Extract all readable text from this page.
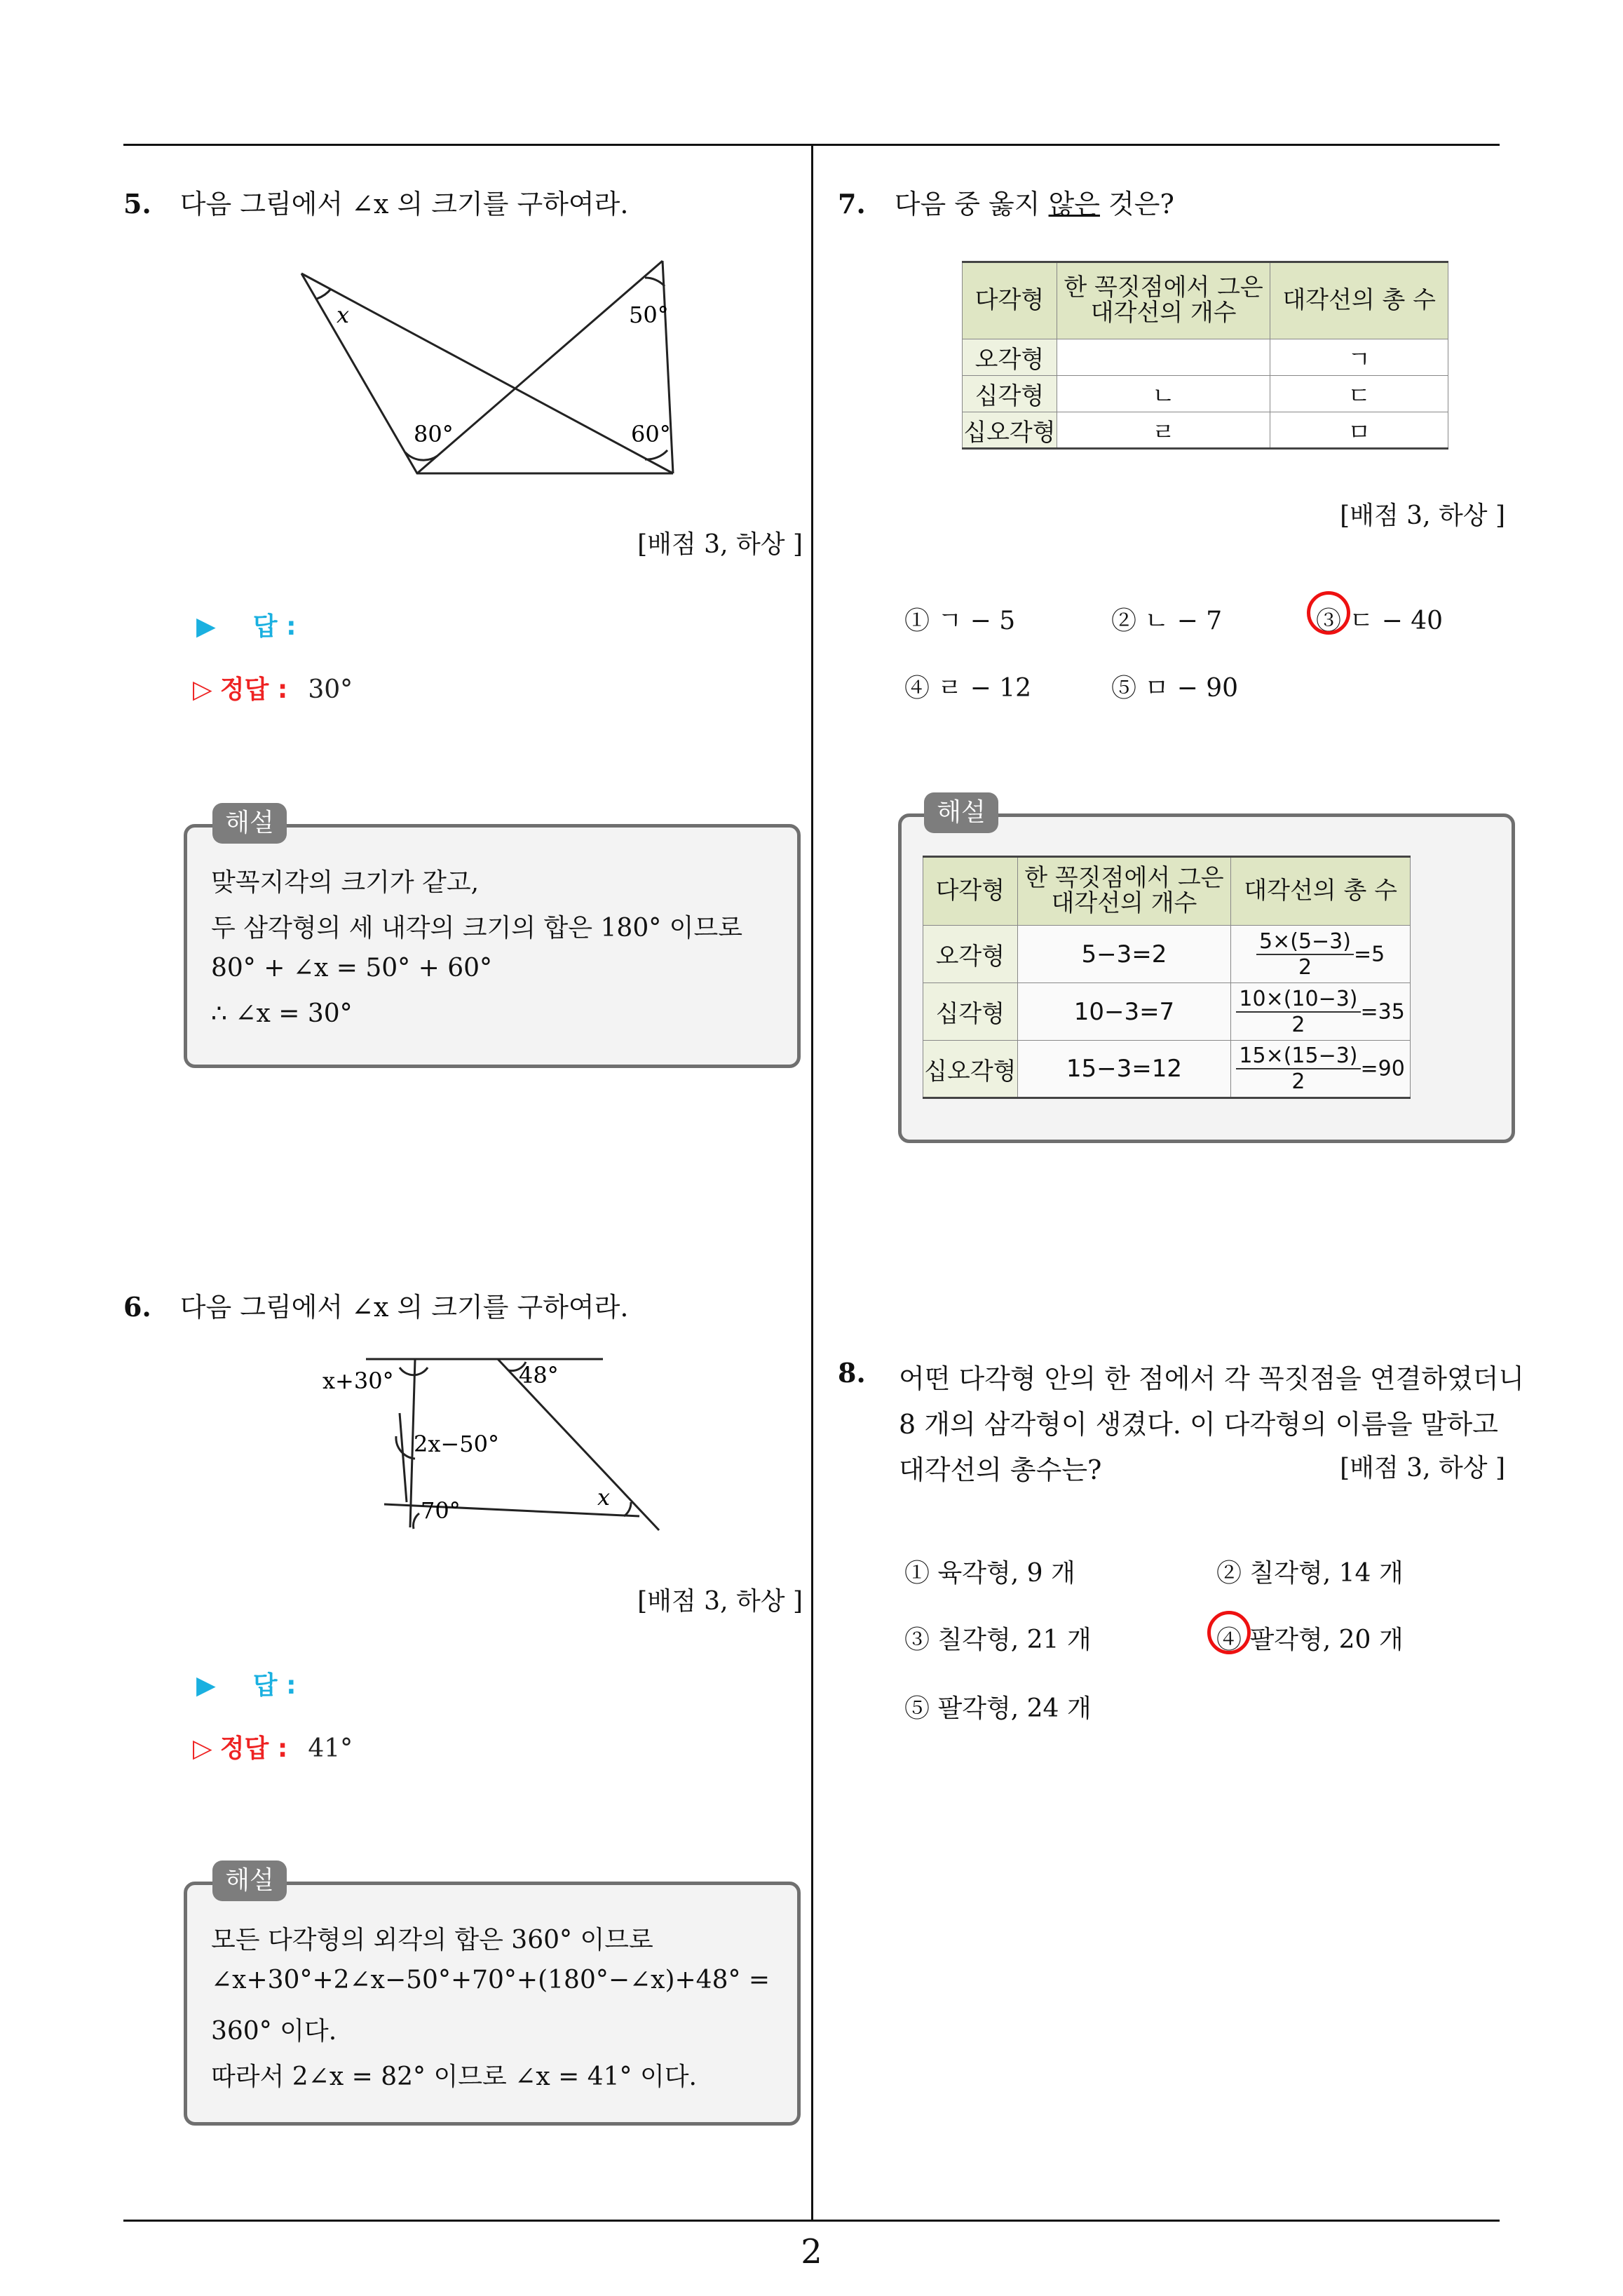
2
5. 다음 그림에서 ∠x 의 크기를 구하여라.
x	50°
80°	60°
[배점 3, 하상 ]
▶ 답 :
▷ 정답 : 30°
맞꼭지각의 크기가 같고,
두 삼각형의 세 내각의 크기의 합은 180° 이므로
80° + ∠x = 50° + 60°
∴ ∠x = 30°
해설
6. 다음 그림에서 ∠x 의 크기를 구하여라.
x+30°	48°
2x−50°
70°	x
[배점 3, 하상 ]
▶ 답 :
▷ 정답 : 41°
모든 다각형의 외각의 합은 360° 이므로
∠x+30°+2∠x−50°+70°+(180°−∠x)+48° =
360° 이다.
따라서 2∠x = 82° 이므로 ∠x = 41° 이다.
해설
7. 다음 중 옳지 않은 것은?
다각형	한 꼭짓점에서 그은 대각선의 개수	대각선의 총 수
오각형		ㄱ
십각형	ㄴ	ㄷ
십오각형	ㄹ	ㅁ
[배점 3, 하상 ]
① ㄱ − 5	② ㄴ − 7	③ ㄷ − 40
④ ㄹ − 12	⑤ ㅁ − 90
다각형	한 꼭짓점에서 그은 대각선의 개수	대각선의 총 수
오각형	5−3=2	$\frac{5\times(5-3)}{2} =5$
십각형	10−3=7	$\frac{10\times(10-3)}{2} =35$
십오각형	15−3=12	$\frac{15\times(15-3)}{2} =90$
해설
8. 어떤 다각형 안의 한 점에서 각 꼭짓점을 연결하였더니
8 개의 삼각형이 생겼다. 이 다각형의 이름을 말하고
대각선의 총수는?	[배점 3, 하상 ]
① 육각형, 9 개	② 칠각형, 14 개
③ 칠각형, 21 개	④ 팔각형, 20 개
⑤ 팔각형, 24 개
